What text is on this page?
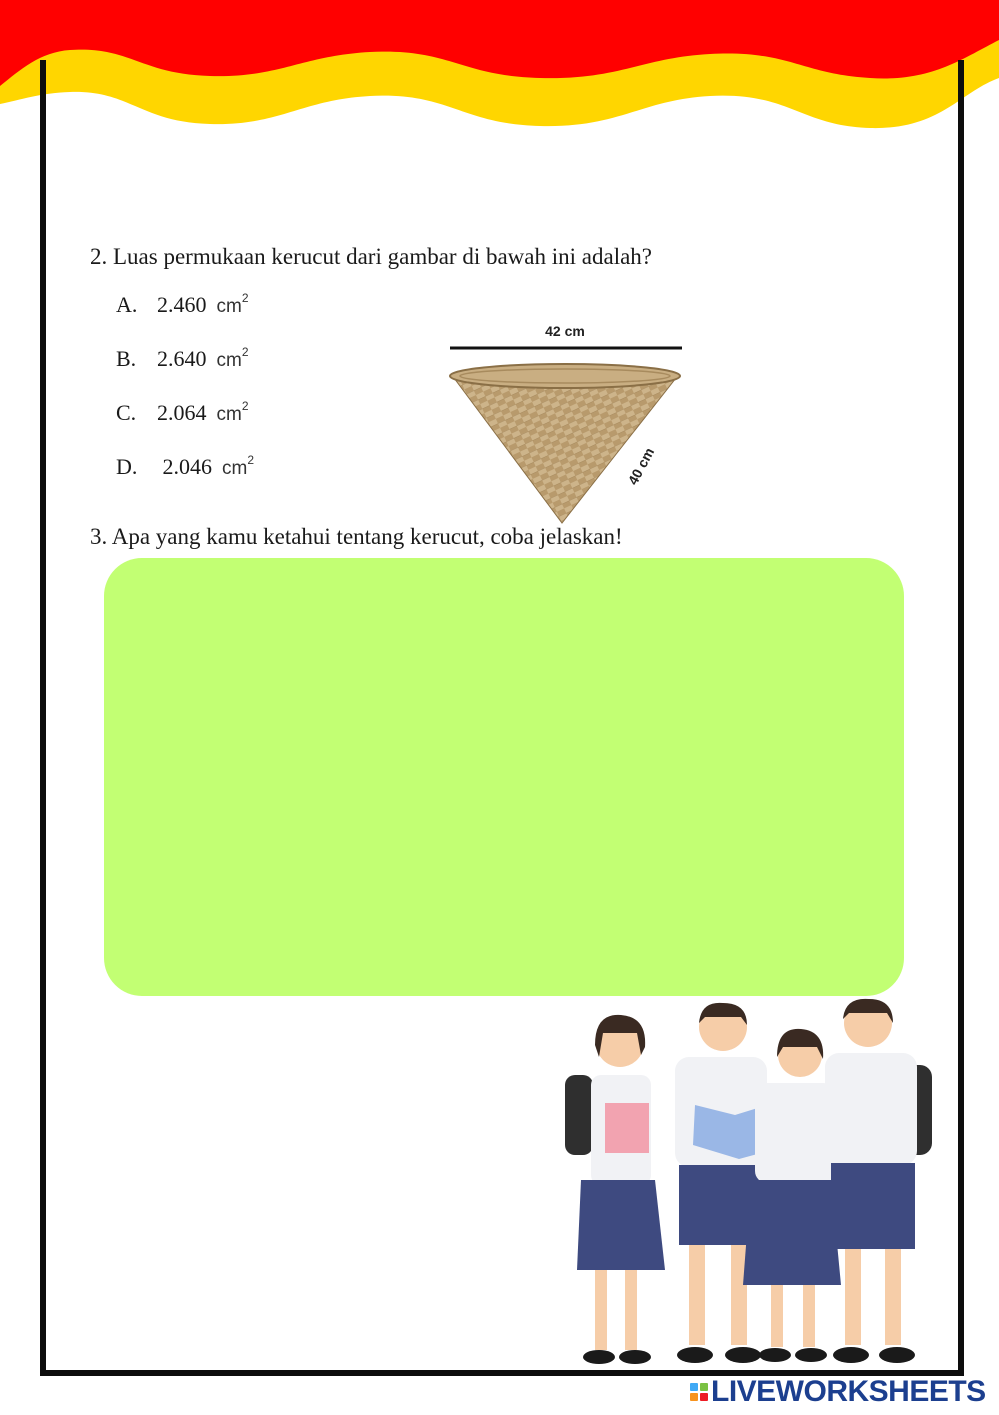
2. Luas permukaan kerucut dari gambar di bawah ini adalah?
A. 2.460 $cm^2$
B. 2.640 $cm^2$
C. 2.064 $cm^2$
D. 2.046 $cm^2$
42 cm
40 cm
3. Apa yang kamu ketahui tentang kerucut, coba jelaskan!
LIVEWORKSHEETS
